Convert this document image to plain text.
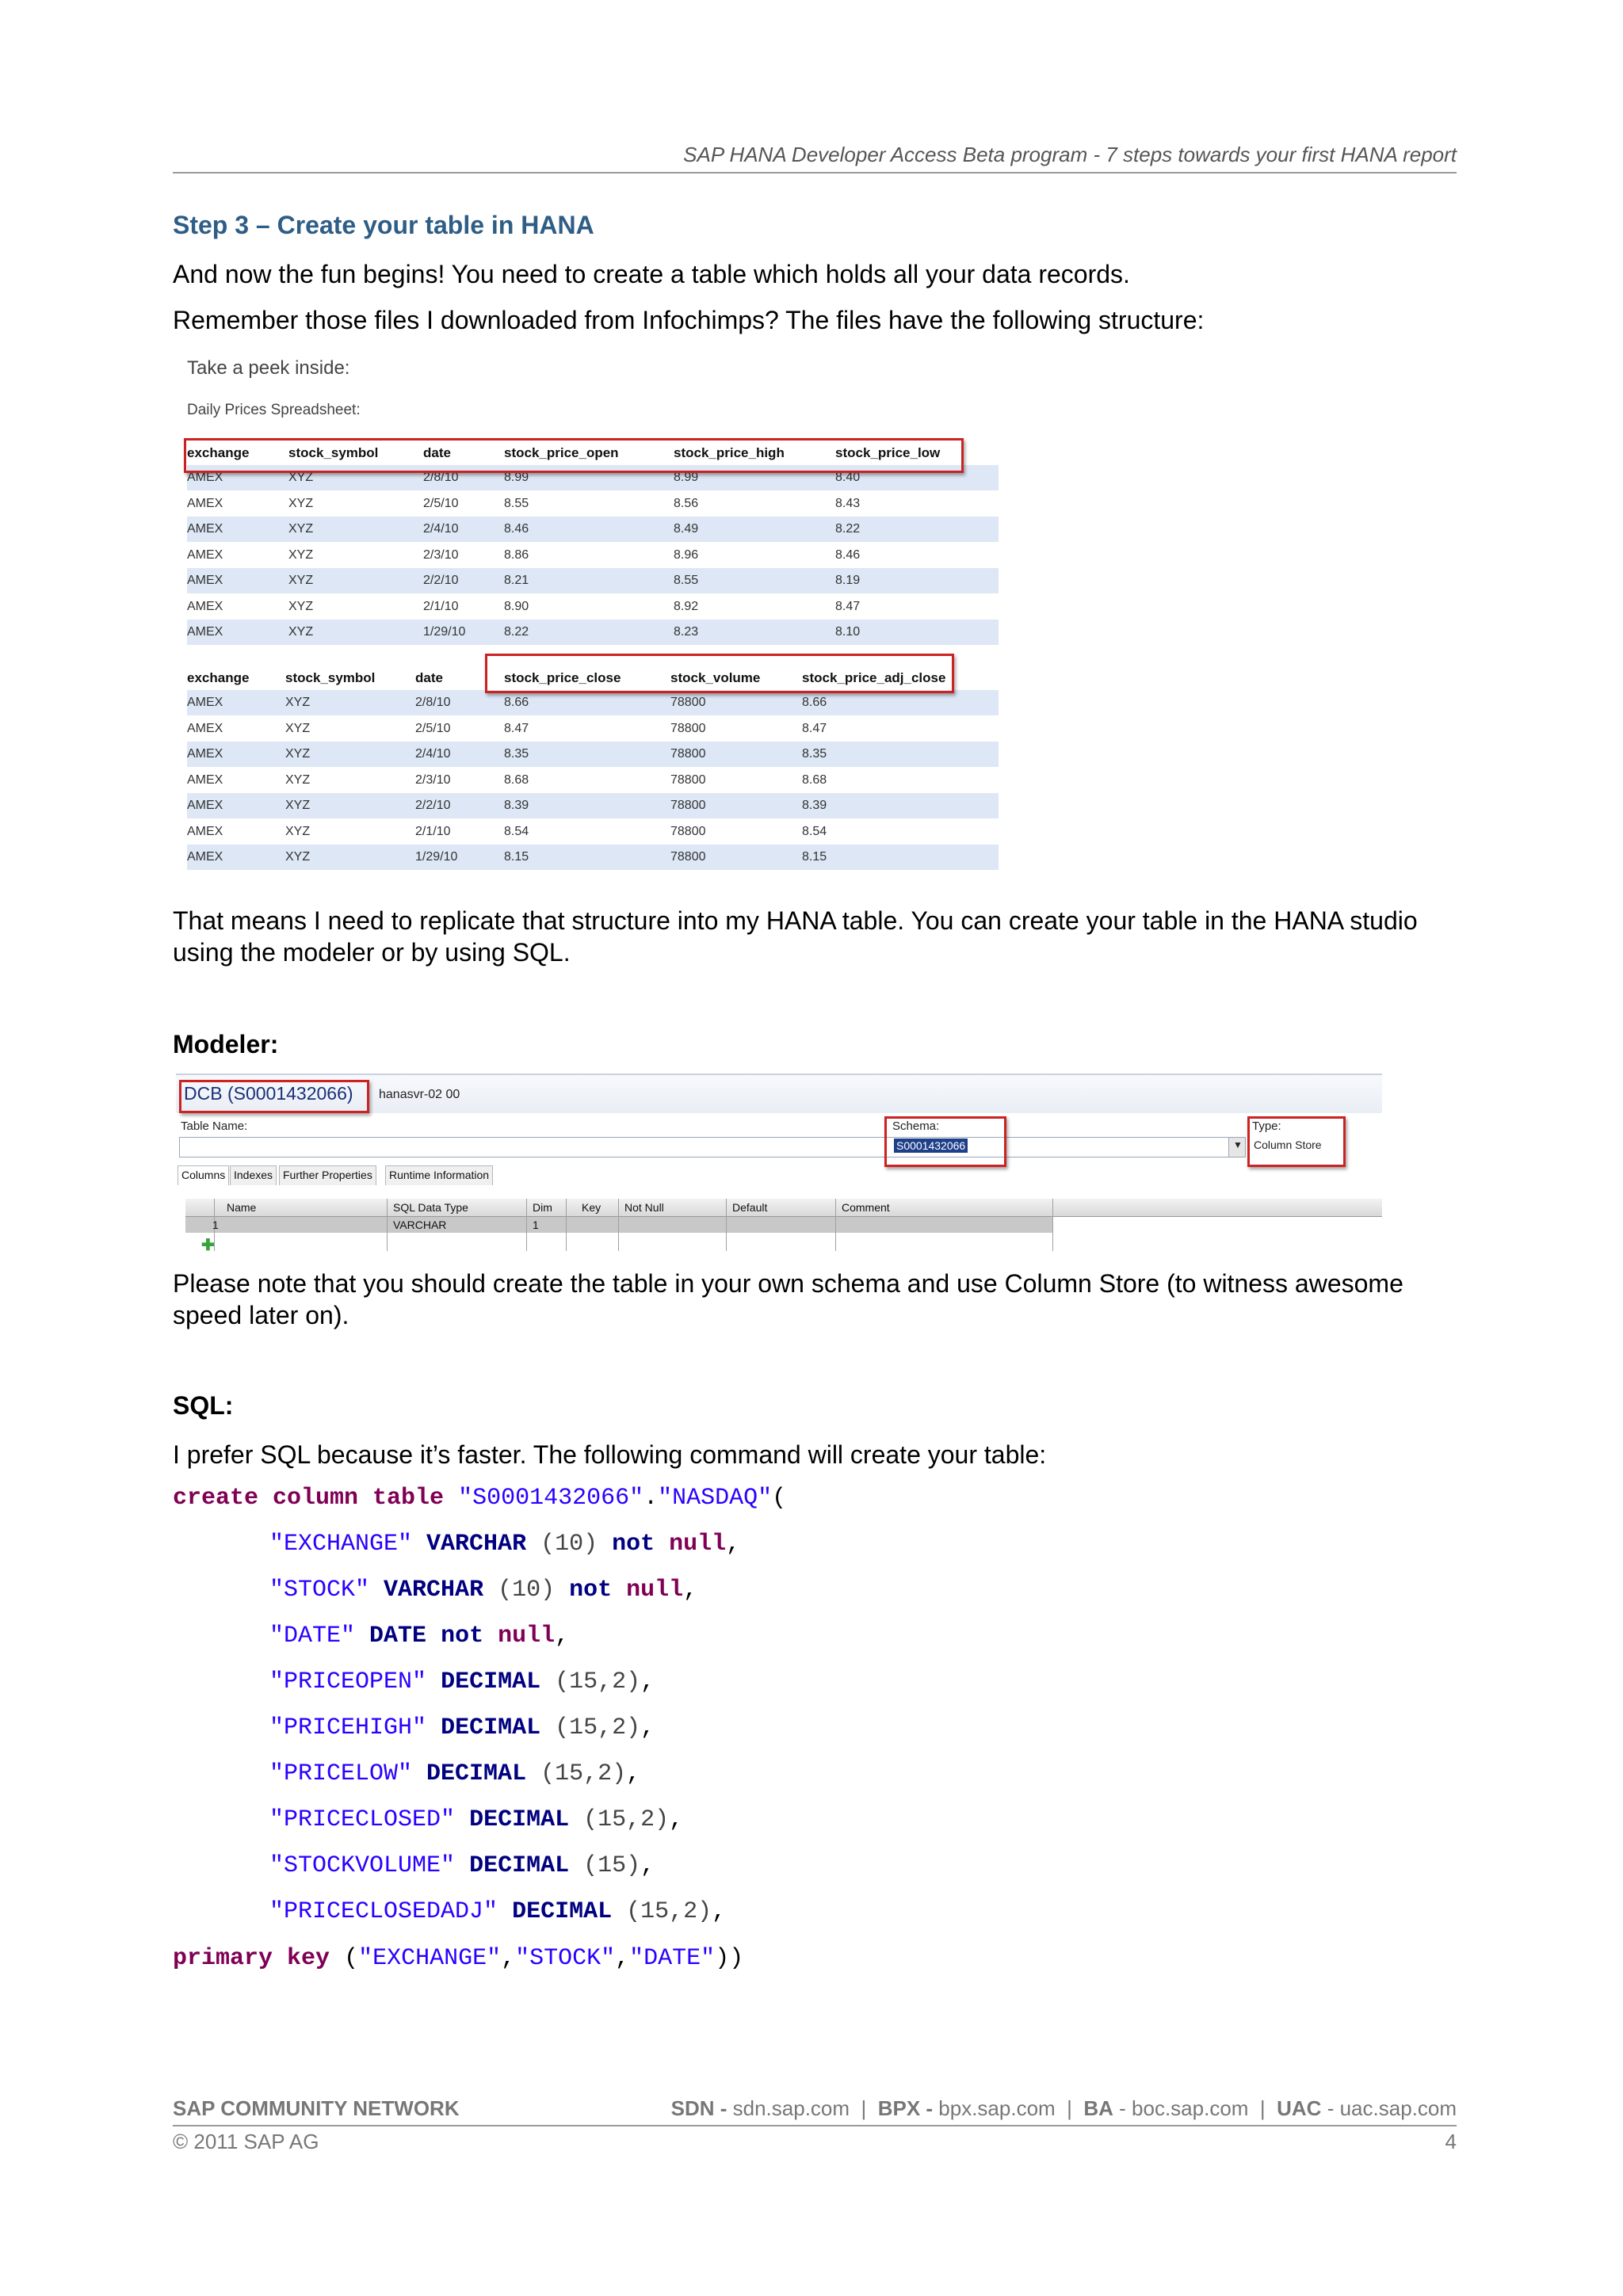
SAP HANA Developer Access Beta program - 7 steps towards your first HANA report
Step 3 – Create your table in HANA
And now the fun begins! You need to create a table which holds all your data records.
Remember those files I downloaded from Infochimps? The files have the following structure:
Take a peek inside:
Daily Prices Spreadsheet:
exchange	stock_symbol	date	stock_price_open	stock_price_high	stock_price_low
AMEX	XYZ	2/8/10	8.99	8.99	8.40
AMEX	XYZ	2/5/10	8.55	8.56	8.43
AMEX	XYZ	2/4/10	8.46	8.49	8.22
AMEX	XYZ	2/3/10	8.86	8.96	8.46
AMEX	XYZ	2/2/10	8.21	8.55	8.19
AMEX	XYZ	2/1/10	8.90	8.92	8.47
AMEX	XYZ	1/29/10	8.22	8.23	8.10
exchange	stock_symbol	date	stock_price_close	stock_volume	stock_price_adj_close
AMEX	XYZ	2/8/10	8.66	78800	8.66
AMEX	XYZ	2/5/10	8.47	78800	8.47
AMEX	XYZ	2/4/10	8.35	78800	8.35
AMEX	XYZ	2/3/10	8.68	78800	8.68
AMEX	XYZ	2/2/10	8.39	78800	8.39
AMEX	XYZ	2/1/10	8.54	78800	8.54
AMEX	XYZ	1/29/10	8.15	78800	8.15
That means I need to replicate that structure into my HANA table. You can create your table in the HANA studio using the modeler or by using SQL.
Modeler:
DCB (S0001432066) hanasvr-02 00
Table Name:	Schema:
S0001432066	▼
Type:
Column Store
Columns Indexes Further Properties	Runtime Information
Name	SQL Data Type	Dim	Key Not Null	Default	Comment
1	VARCHAR	1
✚
Please note that you should create the table in your own schema and use Column Store (to witness awesome speed later on).
SQL:
I prefer SQL because it’s faster. The following command will create your table:
create column table "S0001432066"."NASDAQ"(
"EXCHANGE" VARCHAR (10) not null,
"STOCK" VARCHAR (10) not null,
"DATE" DATE not null,
"PRICEOPEN" DECIMAL (15,2),
"PRICEHIGH" DECIMAL (15,2),
"PRICELOW" DECIMAL (15,2),
"PRICECLOSED" DECIMAL (15,2),
"STOCKVOLUME" DECIMAL (15),
"PRICECLOSEDADJ" DECIMAL (15,2),
primary key ("EXCHANGE","STOCK","DATE"))
SAP COMMUNITY NETWORK	SDN - sdn.sap.com | BPX - bpx.sap.com | BA - boc.sap.com | UAC - uac.sap.com
© 2011 SAP AG	4
